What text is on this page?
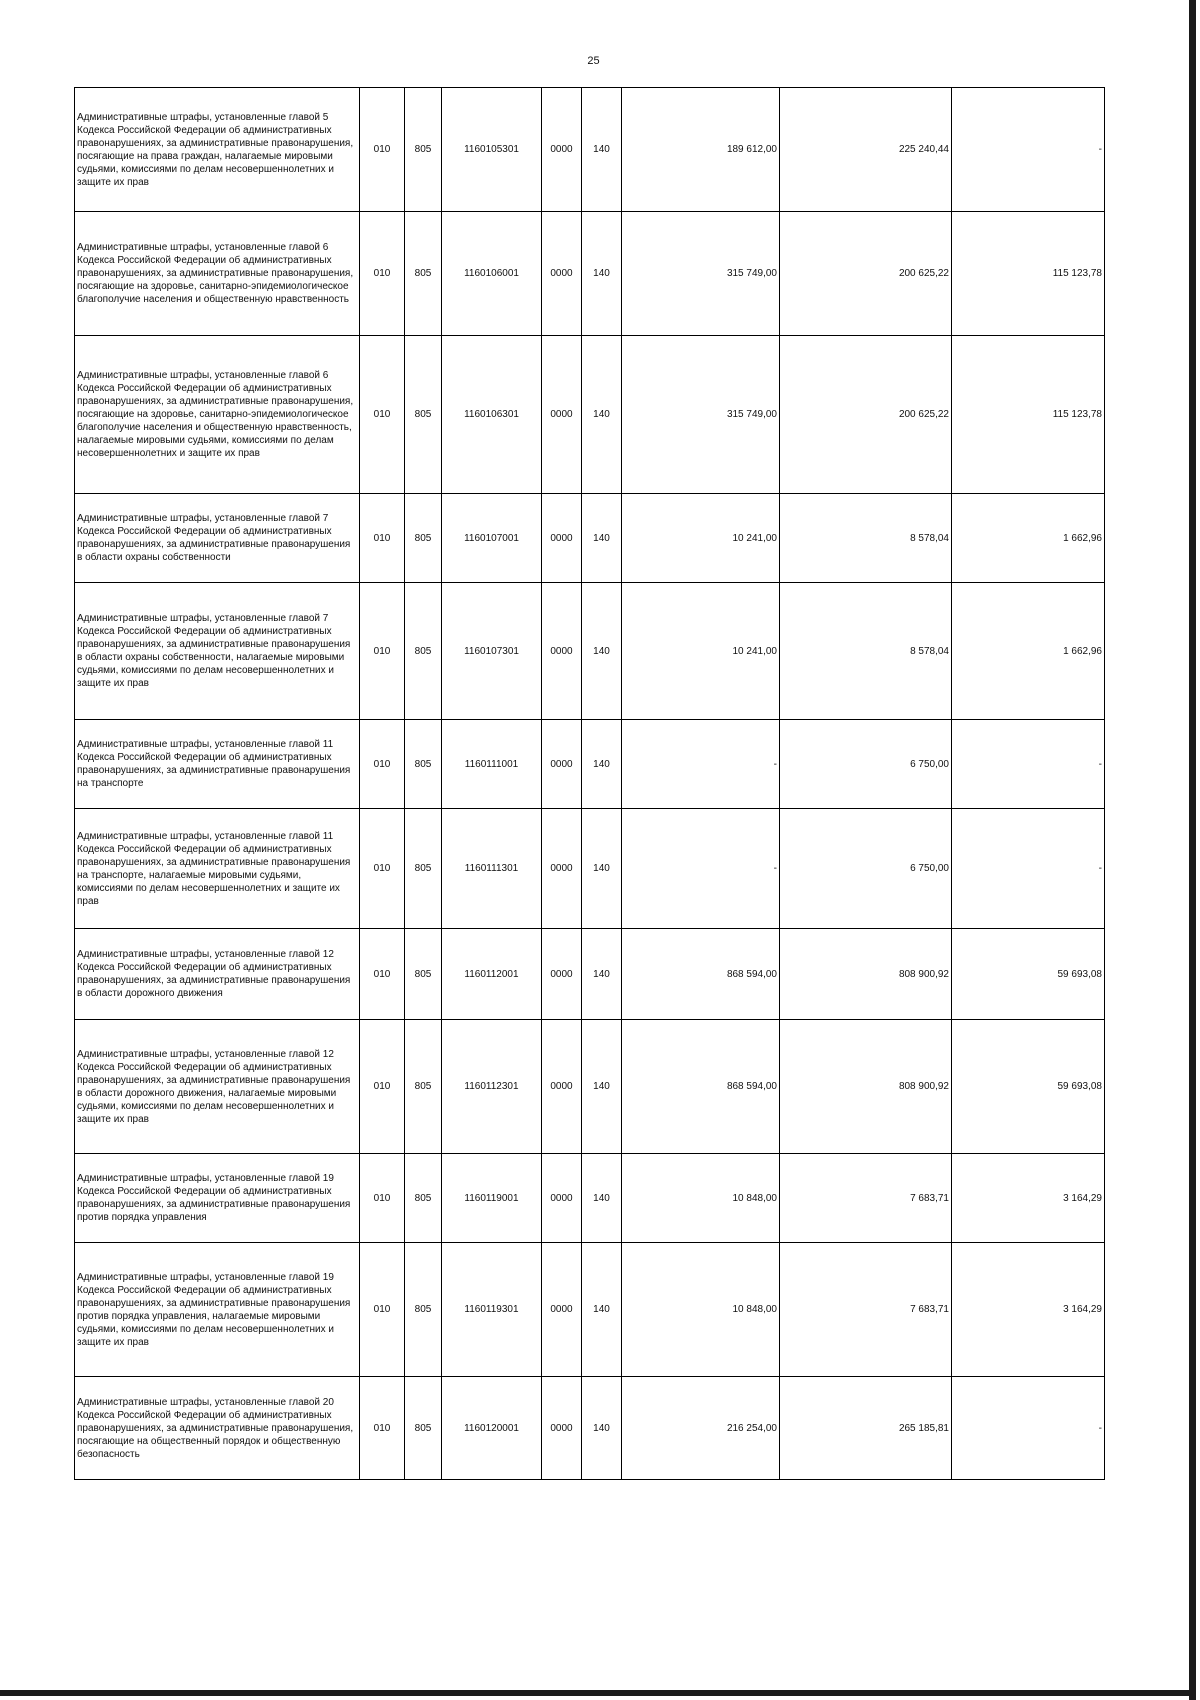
25
Административные штрафы, установленные главой 5 Кодекса Российской Федерации об административных правонарушениях, за административные правонарушения, посягающие на права граждан, налагаемые мировыми судьями, комиссиями по делам несовершеннолетних и защите их прав	010	805	1160105301	0000	140	189 612,00	225 240,44	-
Административные штрафы, установленные главой 6 Кодекса Российской Федерации об административных правонарушениях, за административные правонарушения, посягающие на здоровье, санитарно-эпидемиологическое благополучие населения и общественную нравственность	010	805	1160106001	0000	140	315 749,00	200 625,22	115 123,78
Административные штрафы, установленные главой 6 Кодекса Российской Федерации об административных правонарушениях, за административные правонарушения, посягающие на здоровье, санитарно-эпидемиологическое благополучие населения и общественную нравственность, налагаемые мировыми судьями, комиссиями по делам несовершеннолетних и защите их прав	010	805	1160106301	0000	140	315 749,00	200 625,22	115 123,78
Административные штрафы, установленные главой 7 Кодекса Российской Федерации об административных правонарушениях, за административные правонарушения в области охраны собственности	010	805	1160107001	0000	140	10 241,00	8 578,04	1 662,96
Административные штрафы, установленные главой 7 Кодекса Российской Федерации об административных правонарушениях, за административные правонарушения в области охраны собственности, налагаемые мировыми судьями, комиссиями по делам несовершеннолетних и защите их прав	010	805	1160107301	0000	140	10 241,00	8 578,04	1 662,96
Административные штрафы, установленные главой 11 Кодекса Российской Федерации об административных правонарушениях, за административные правонарушения на транспорте	010	805	1160111001	0000	140	-	6 750,00	-
Административные штрафы, установленные главой 11 Кодекса Российской Федерации об административных правонарушениях, за административные правонарушения на транспорте, налагаемые мировыми судьями, комиссиями по делам несовершеннолетних и защите их прав	010	805	1160111301	0000	140	-	6 750,00	-
Административные штрафы, установленные главой 12 Кодекса Российской Федерации об административных правонарушениях, за административные правонарушения в области дорожного движения	010	805	1160112001	0000	140	868 594,00	808 900,92	59 693,08
Административные штрафы, установленные главой 12 Кодекса Российской Федерации об административных правонарушениях, за административные правонарушения в области дорожного движения, налагаемые мировыми судьями, комиссиями по делам несовершеннолетних и защите их прав	010	805	1160112301	0000	140	868 594,00	808 900,92	59 693,08
Административные штрафы, установленные главой 19 Кодекса Российской Федерации об административных правонарушениях, за административные правонарушения против порядка управления	010	805	1160119001	0000	140	10 848,00	7 683,71	3 164,29
Административные штрафы, установленные главой 19 Кодекса Российской Федерации об административных правонарушениях, за административные правонарушения против порядка управления, налагаемые мировыми судьями, комиссиями по делам несовершеннолетних и защите их прав	010	805	1160119301	0000	140	10 848,00	7 683,71	3 164,29
Административные штрафы, установленные главой 20 Кодекса Российской Федерации об административных правонарушениях, за административные правонарушения, посягающие на общественный порядок и общественную безопасность	010	805	1160120001	0000	140	216 254,00	265 185,81	-
